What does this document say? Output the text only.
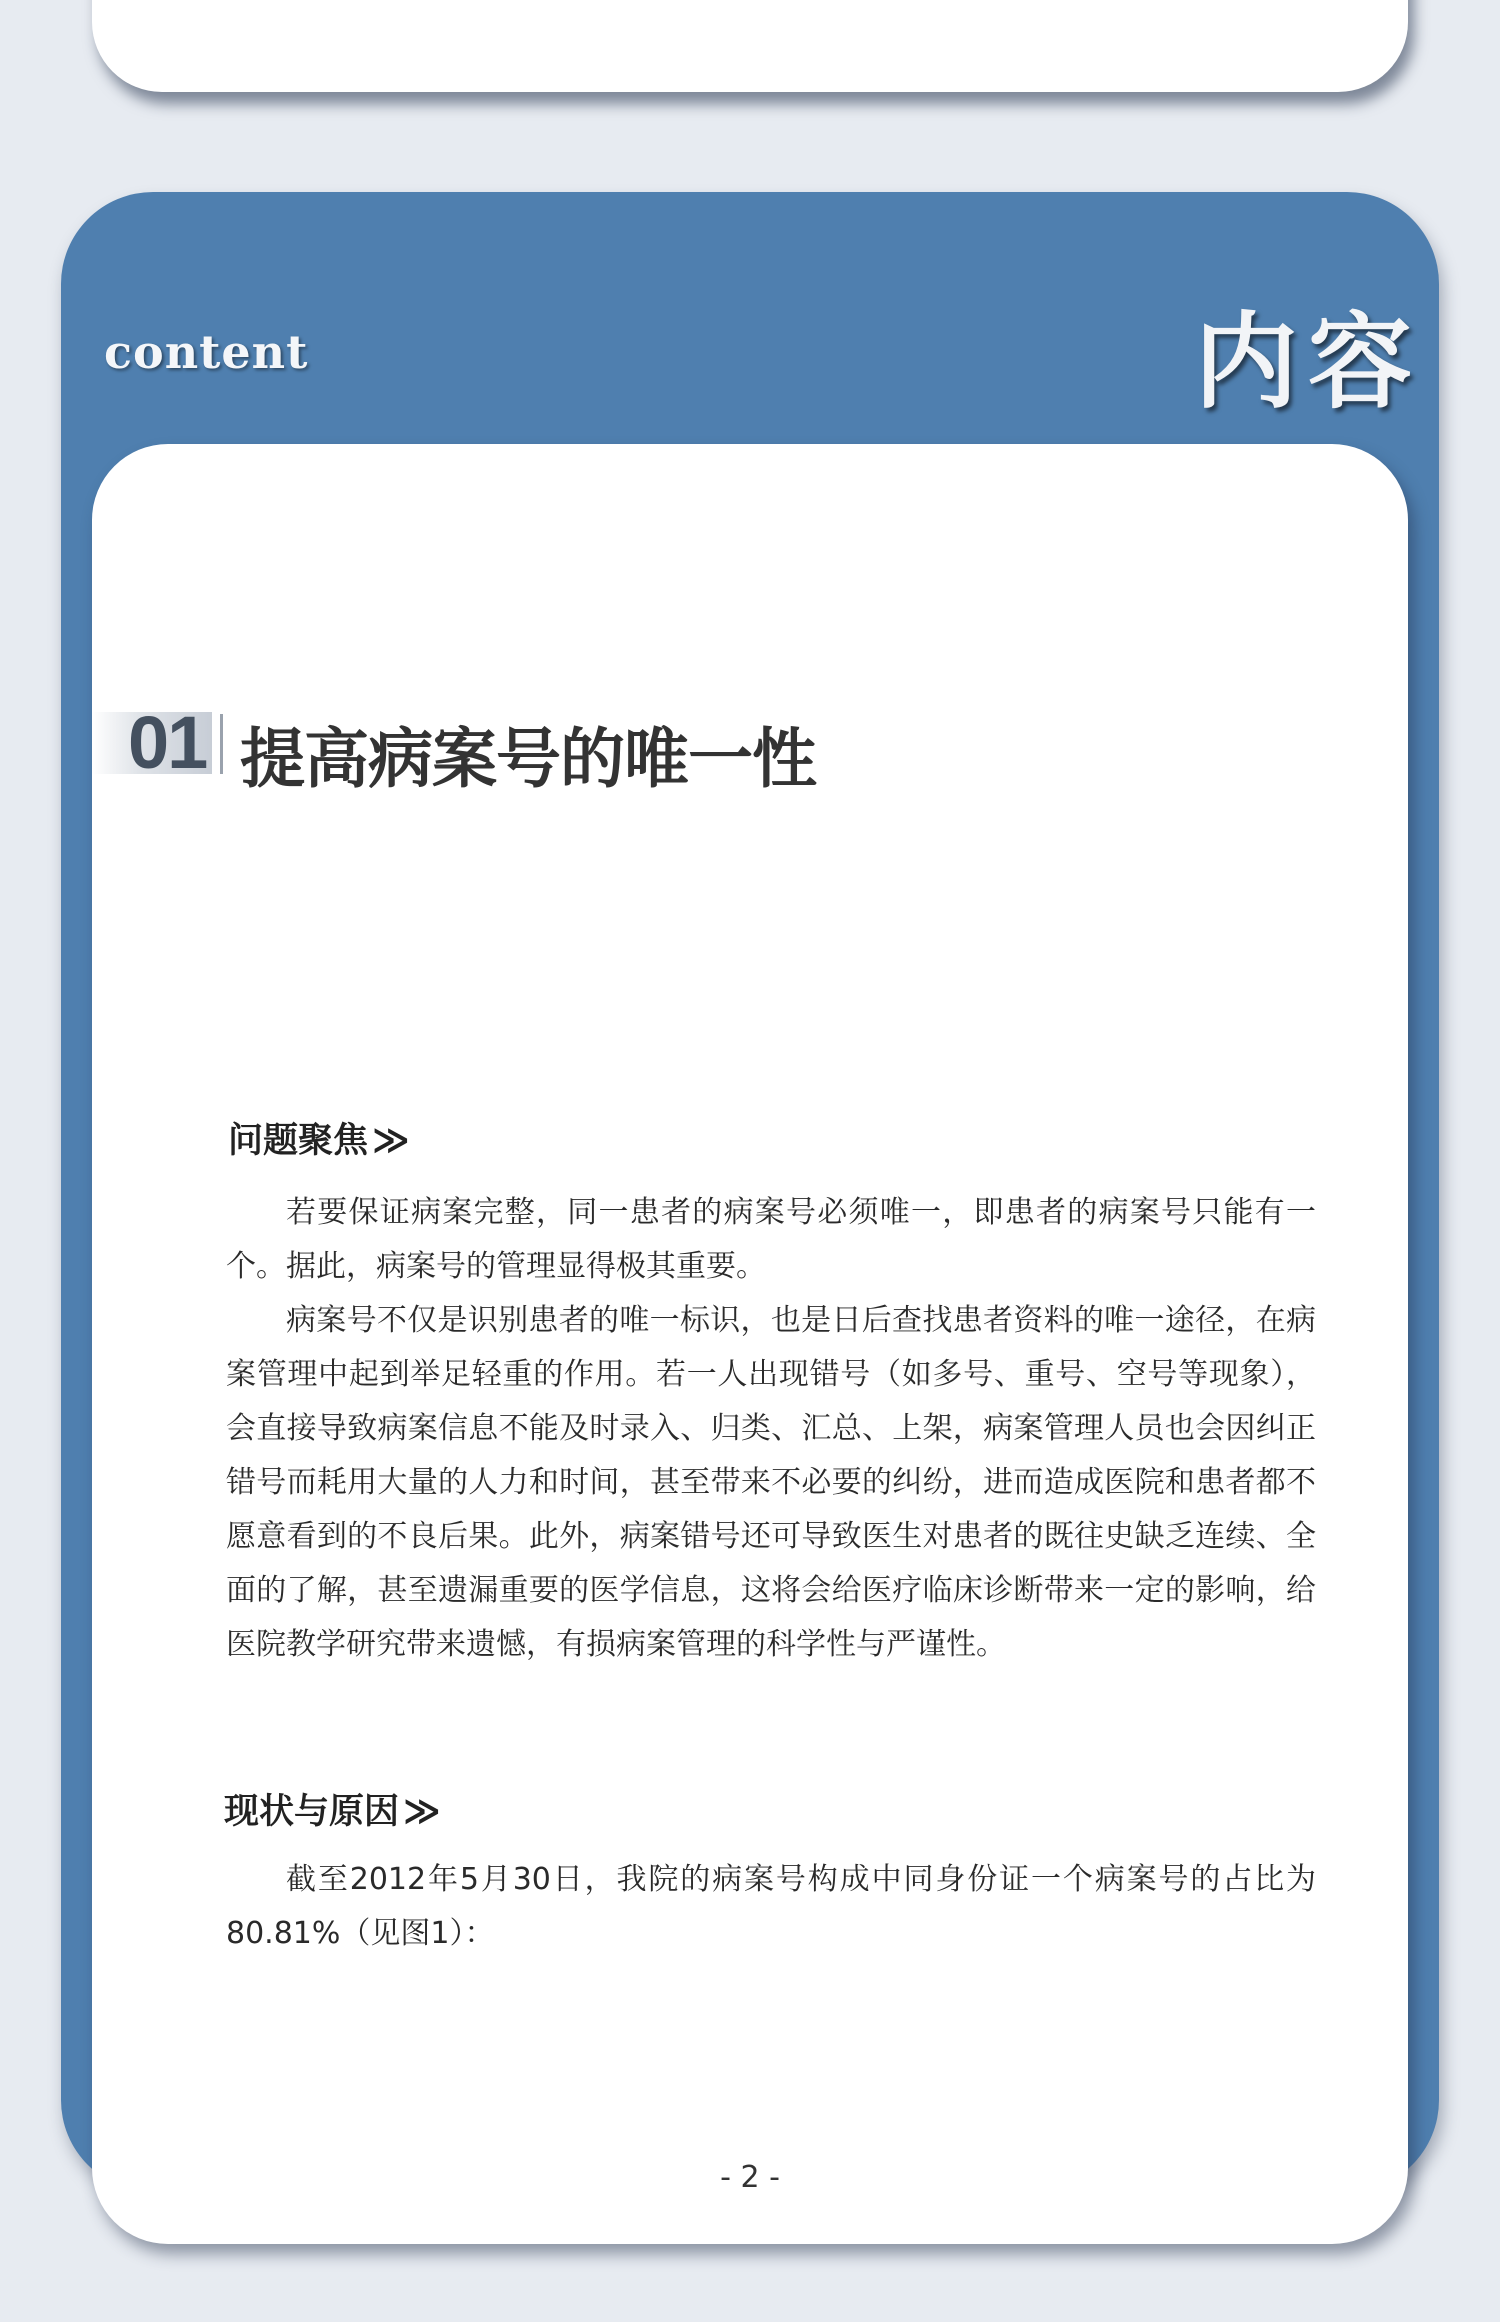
content	内容
01 提高病案号的唯一性
问题聚焦 ≫

若要保证病案完整，同一患者的病案号必须唯一，即患者的病案号只能有一个。据此，病案号的管理显得极其重要。

病案号不仅是识别患者的唯一标识，也是日后查找患者资料的唯一途径，在病案管理中起到举足轻重的作用。若一人出现错号（如多号、重号、空号等现象），会直接导致病案信息不能及时录入、归类、汇总、上架，病案管理人员也会因纠正错号而耗用大量的人力和时间，甚至带来不必要的纠纷，进而造成医院和患者都不愿意看到的不良后果。此外，病案错号还可导致医生对患者的既往史缺乏连续、全面的了解，甚至遗漏重要的医学信息，这将会给医疗临床诊断带来一定的影响，给医院教学研究带来遗憾，有损病案管理的科学性与严谨性。

现状与原因 ≫

截至2012年5月30日，我院的病案号构成中同身份证一个病案号的占比为80.81%（见图1）：

- 2 -
